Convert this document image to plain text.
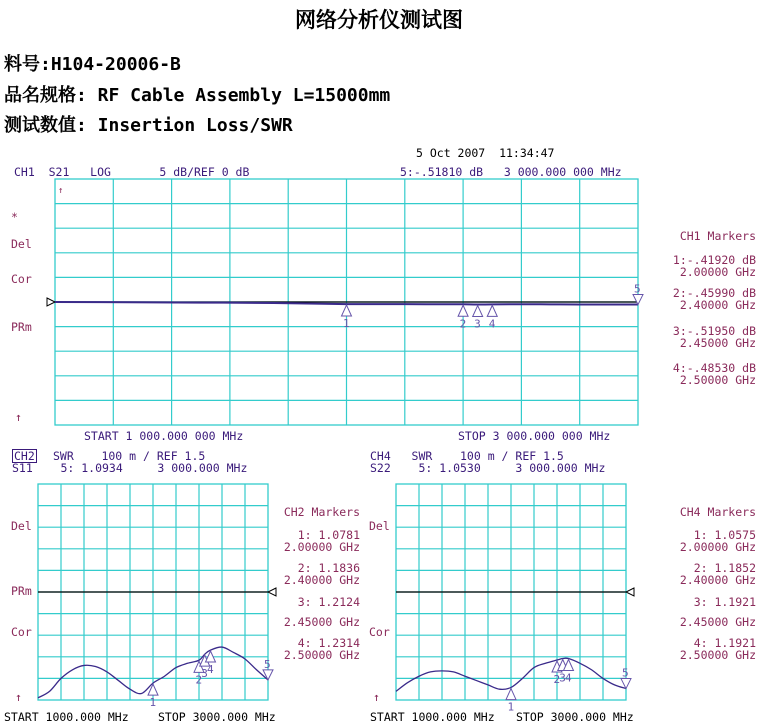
网络分析仪测试图
料号:H104-20006-B
品名规格: RF Cable Assembly L=15000mm
测试数值: Insertion Loss/SWR
5 Oct 2007  11:34:47
CH1  S21   LOG       5 dB/REF 0 dB	5:-.51810 dB   3 000.000 000 MHz
*
Del
Cor
PRm
↑
↑
START 1 000.000 000 MHz	STOP 3 000.000 000 MHz
CH1 Markers
1:-.41920 dB
2.00000 GHz
2:-.45990 dB
2.40000 GHz
3:-.51950 dB
2.45000 GHz
4:-.48530 dB
2.50000 GHz
CH2 SWR    100 m / REF 1.5
S11    5: 1.0934     3 000.000 MHz
CH4   SWR    100 m / REF 1.5
S22    5: 1.0530     3 000.000 MHz
Del
PRm
Cor
↑
Del
Cor
↑
START 1000.000 MHz	STOP 3000.000 MHz	START 1000.000 MHz STOP 3000.000 MHz
CH2 Markers
1: 1.0781
2.00000 GHz
2: 1.1836
2.40000 GHz
3: 1.2124
2.45000 GHz
4: 1.2314
2.50000 GHz
CH4 Markers
1: 1.0575
2.00000 GHz
2: 1.1852
2.40000 GHz
3: 1.1921
2.45000 GHz
4: 1.1921
2.50000 GHz
1	2 3 4
5
1
2 3 4	5
1
2 3 4	5
